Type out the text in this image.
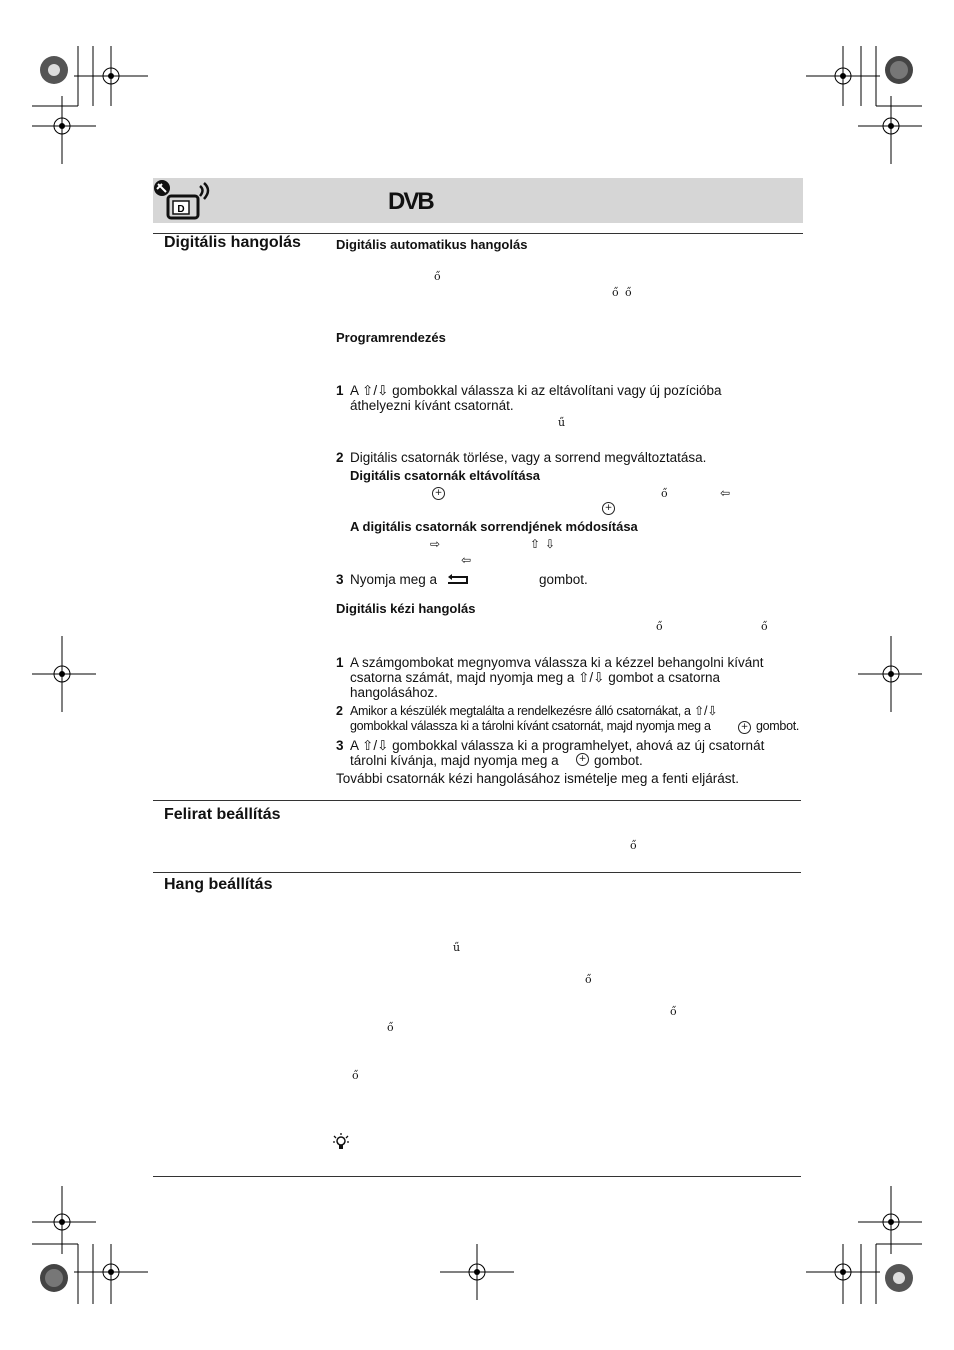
D	DVB
Digitális hangolás
Felirat beállítás
Hang beállítás
Digitális automatikus hangolás
Programrendezés
Digitális kézi hangolás
Digitális csatornák eltávolítása
A digitális csatornák sorrendjének módosítása
ő
ő ő
1 A ⇧/⇩ gombokkal válassza ki az eltávolítani vagy új pozícióba
áthelyezni kívánt csatornát.
ű
2 Digitális csatornák törlése, vagy a sorrend megváltoztatása.
+	ő	⇦
+
⇨	⇧ ⇩
⇦
3 Nyomja meg a	gombot.
ő	ő
1 A számgombokat megnyomva válassza ki a kézzel behangolni kívánt
csatorna számát, majd nyomja meg a ⇧/⇩ gombot a csatorna
hangolásához.
2 Amikor a készülék megtalálta a rendelkezésre álló csatornákat, a ⇧/⇩
gombokkal válassza ki a tárolni kívánt csatornát, majd nyomja meg a	+ gombot.
3 A ⇧/⇩ gombokkal válassza ki a programhelyet, ahová az új csatornát
tárolni kívánja, majd nyomja meg a	+ gombot.
További csatornák kézi hangolásához ismételje meg a fenti eljárást.
ő
ű
ő
ő
ő
ő
